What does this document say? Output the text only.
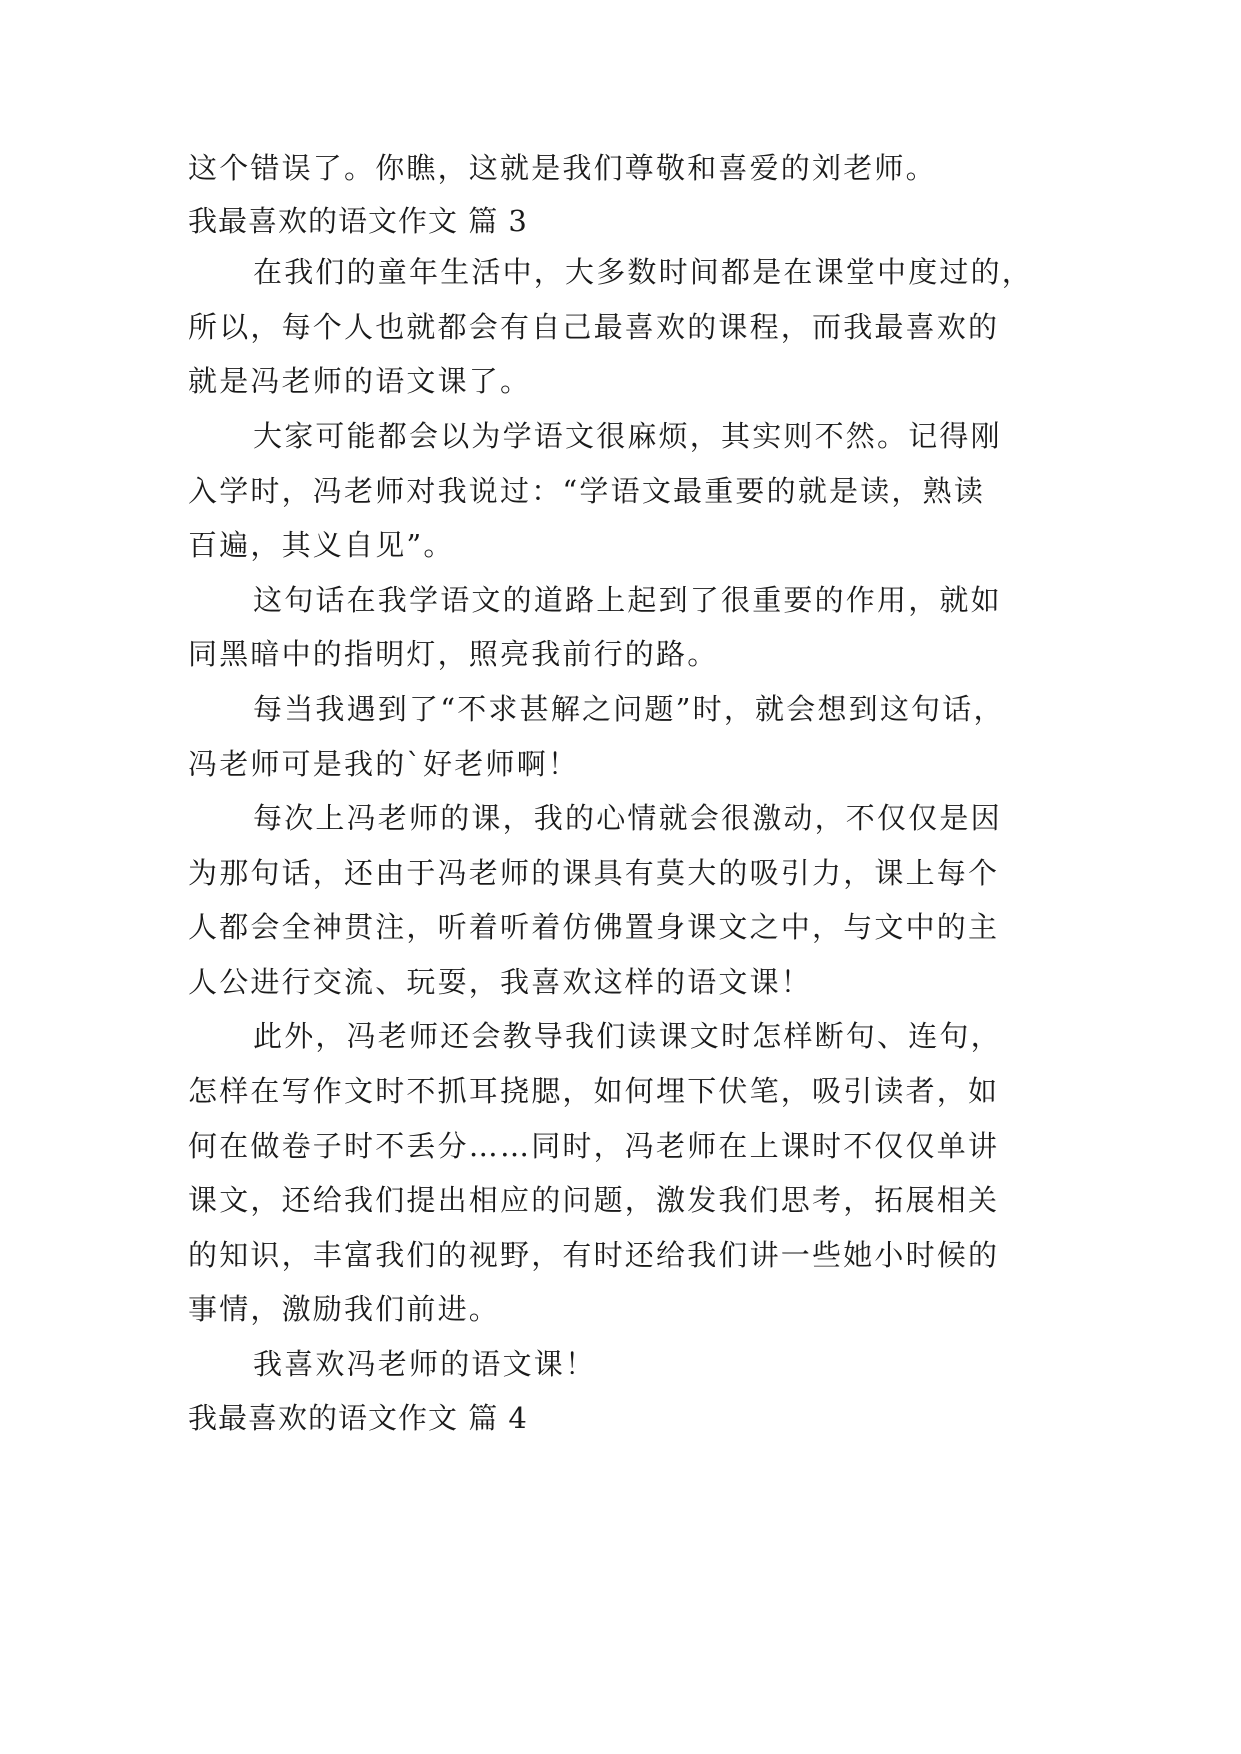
这个错误了。你瞧，这就是我们尊敬和喜爱的刘老师。

我最喜欢的语文作文 篇 3

在我们的童年生活中，大多数时间都是在课堂中度过的，

所以，每个人也就都会有自己最喜欢的课程，而我最喜欢的

就是冯老师的语文课了。

大家可能都会以为学语文很麻烦，其实则不然。记得刚

入学时，冯老师对我说过：“学语文最重要的就是读，熟读

百遍，其义自见”。

这句话在我学语文的道路上起到了很重要的作用，就如

同黑暗中的指明灯，照亮我前行的路。

每当我遇到了“不求甚解之问题”时，就会想到这句话，

冯老师可是我的`好老师啊！

每次上冯老师的课，我的心情就会很激动，不仅仅是因

为那句话，还由于冯老师的课具有莫大的吸引力，课上每个

人都会全神贯注，听着听着仿佛置身课文之中，与文中的主

人公进行交流、玩耍，我喜欢这样的语文课！

此外，冯老师还会教导我们读课文时怎样断句、连句，

怎样在写作文时不抓耳挠腮，如何埋下伏笔，吸引读者，如

何在做卷子时不丢分……同时，冯老师在上课时不仅仅单讲

课文，还给我们提出相应的问题，激发我们思考，拓展相关

的知识，丰富我们的视野，有时还给我们讲一些她小时候的

事情，激励我们前进。

我喜欢冯老师的语文课！

我最喜欢的语文作文 篇 4
